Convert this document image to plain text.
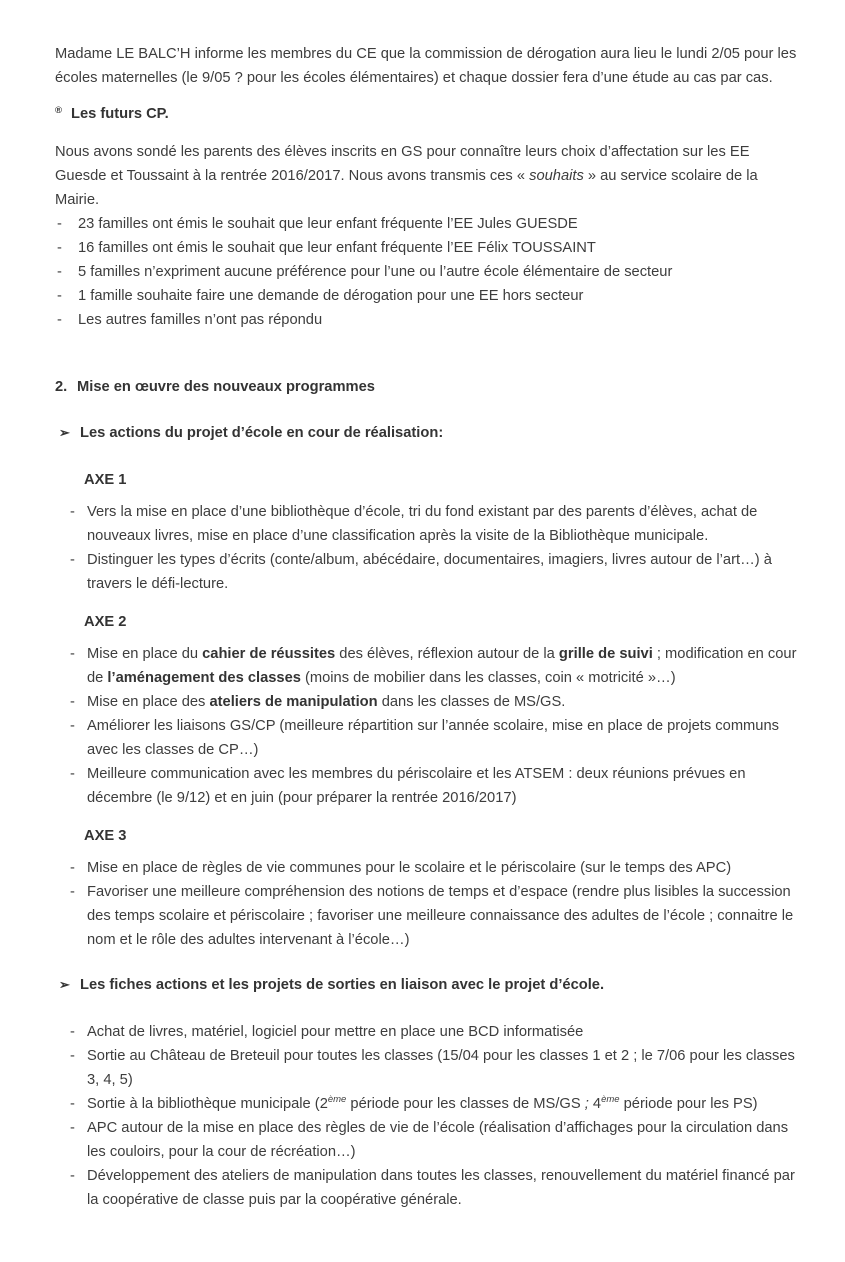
Madame LE BALC’H informe les membres du CE que la commission de dérogation aura lieu le lundi 2/05 pour les écoles maternelles (le 9/05 ? pour les écoles élémentaires) et chaque dossier fera d’une étude au cas par cas.
® Les futurs CP.
Nous avons sondé les parents des élèves inscrits en GS pour connaître leurs choix d’affectation sur les EE Guesde et Toussaint à la rentrée 2016/2017. Nous avons transmis ces « souhaits » au service scolaire de la Mairie.
-	23 familles ont émis le souhait que leur enfant fréquente l’EE Jules GUESDE
-	16 familles ont émis le souhait que leur enfant fréquente l’EE Félix TOUSSAINT
-	5 familles n’expriment aucune préférence pour l’une ou l’autre école élémentaire de secteur
-	1 famille souhaite faire une demande de dérogation pour une EE hors secteur
-	Les autres familles n’ont pas répondu
2. Mise en œuvre des nouveaux programmes
➢ Les actions du projet d’école en cour de réalisation:
AXE 1
- Vers la mise en place d’une bibliothèque d’école, tri du fond existant par des parents d’élèves, achat de nouveaux livres, mise en place d’une classification après la visite de la Bibliothèque municipale.
- Distinguer les types d’écrits (conte/album, abécédaire, documentaires, imagiers, livres autour de l’art…) à travers le défi-lecture.
AXE 2
- Mise en place du cahier de réussites des élèves, réflexion autour de la grille de suivi ; modification en cour de l’aménagement des classes (moins de mobilier dans les classes, coin « motricité »…)
- Mise en place des ateliers de manipulation dans les classes de MS/GS.
- Améliorer les liaisons GS/CP (meilleure répartition sur l’année scolaire, mise en place de projets communs avec les classes de CP…)
- Meilleure communication avec les membres du périscolaire et les ATSEM : deux réunions prévues en décembre (le 9/12) et en juin (pour préparer la rentrée 2016/2017)
AXE 3
- Mise en place de règles de vie communes pour le scolaire et le périscolaire (sur le temps des APC)
- Favoriser une meilleure compréhension des notions de temps et d’espace (rendre plus lisibles la succession des temps scolaire et périscolaire ; favoriser une meilleure connaissance des adultes de l’école ; connaitre le nom et le rôle des adultes intervenant à l’école…)
➢ Les fiches actions et les projets de sorties en liaison avec le projet d’école.
- Achat de livres, matériel, logiciel pour mettre en place une BCD informatisée
- Sortie au Château de Breteuil pour toutes les classes (15/04 pour les classes 1 et 2 ; le 7/06 pour les classes 3, 4, 5)
- Sortie à la bibliothèque municipale (2ème période pour les classes de MS/GS ; 4ème période pour les PS)
- APC autour de la mise en place des règles de vie de l’école (réalisation d’affichages pour la circulation dans les couloirs, pour la cour de récréation…)
- Développement des ateliers de manipulation dans toutes les classes, renouvellement du matériel financé par la coopérative de classe puis par la coopérative générale.
